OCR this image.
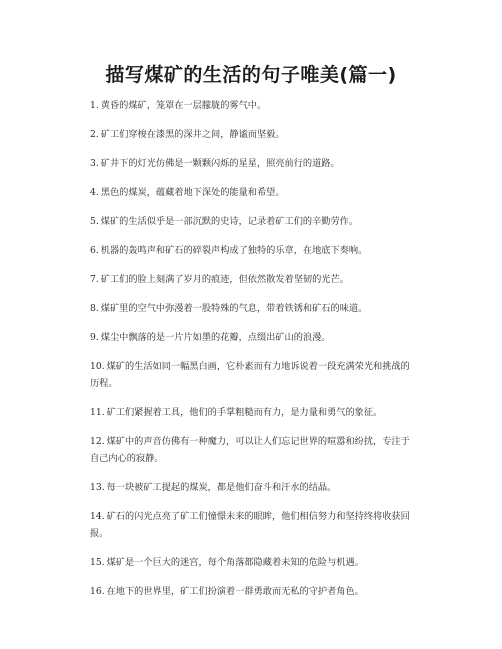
描写煤矿的生活的句子唯美(篇一)
1. 黄昏的煤矿，笼罩在一层朦胧的雾气中。
2. 矿工们穿梭在漆黑的深井之间，静谧而坚毅。
3. 矿井下的灯光仿佛是一颗颗闪烁的星星，照亮前行的道路。
4. 黑色的煤炭，蕴藏着地下深处的能量和希望。
5. 煤矿的生活似乎是一部沉默的史诗，记录着矿工们的辛勤劳作。
6. 机器的轰鸣声和矿石的碎裂声构成了独特的乐章，在地底下奏响。
7. 矿工们的脸上刻满了岁月的痕迹，但依然散发着坚韧的光芒。
8. 煤矿里的空气中弥漫着一股特殊的气息，带着铁锈和矿石的味道。
9. 煤尘中飘落的是一片片如墨的花瓣，点缀出矿山的浪漫。
10. 煤矿的生活如同一幅黑白画，它朴素而有力地诉说着一段充满荣光和挑战的历程。
11. 矿工们紧握着工具，他们的手掌粗糙而有力，是力量和勇气的象征。
12. 煤矿中的声音仿佛有一种魔力，可以让人们忘记世界的喧嚣和纷扰，专注于自己内心的寂静。
13. 每一块被矿工提起的煤炭，都是他们奋斗和汗水的结晶。
14. 矿石的闪光点亮了矿工们憧憬未来的眼眸，他们相信努力和坚持终将收获回报。
15. 煤矿是一个巨大的迷宫，每个角落都隐藏着未知的危险与机遇。
16. 在地下的世界里，矿工们扮演着一群勇敢而无私的守护者角色。
